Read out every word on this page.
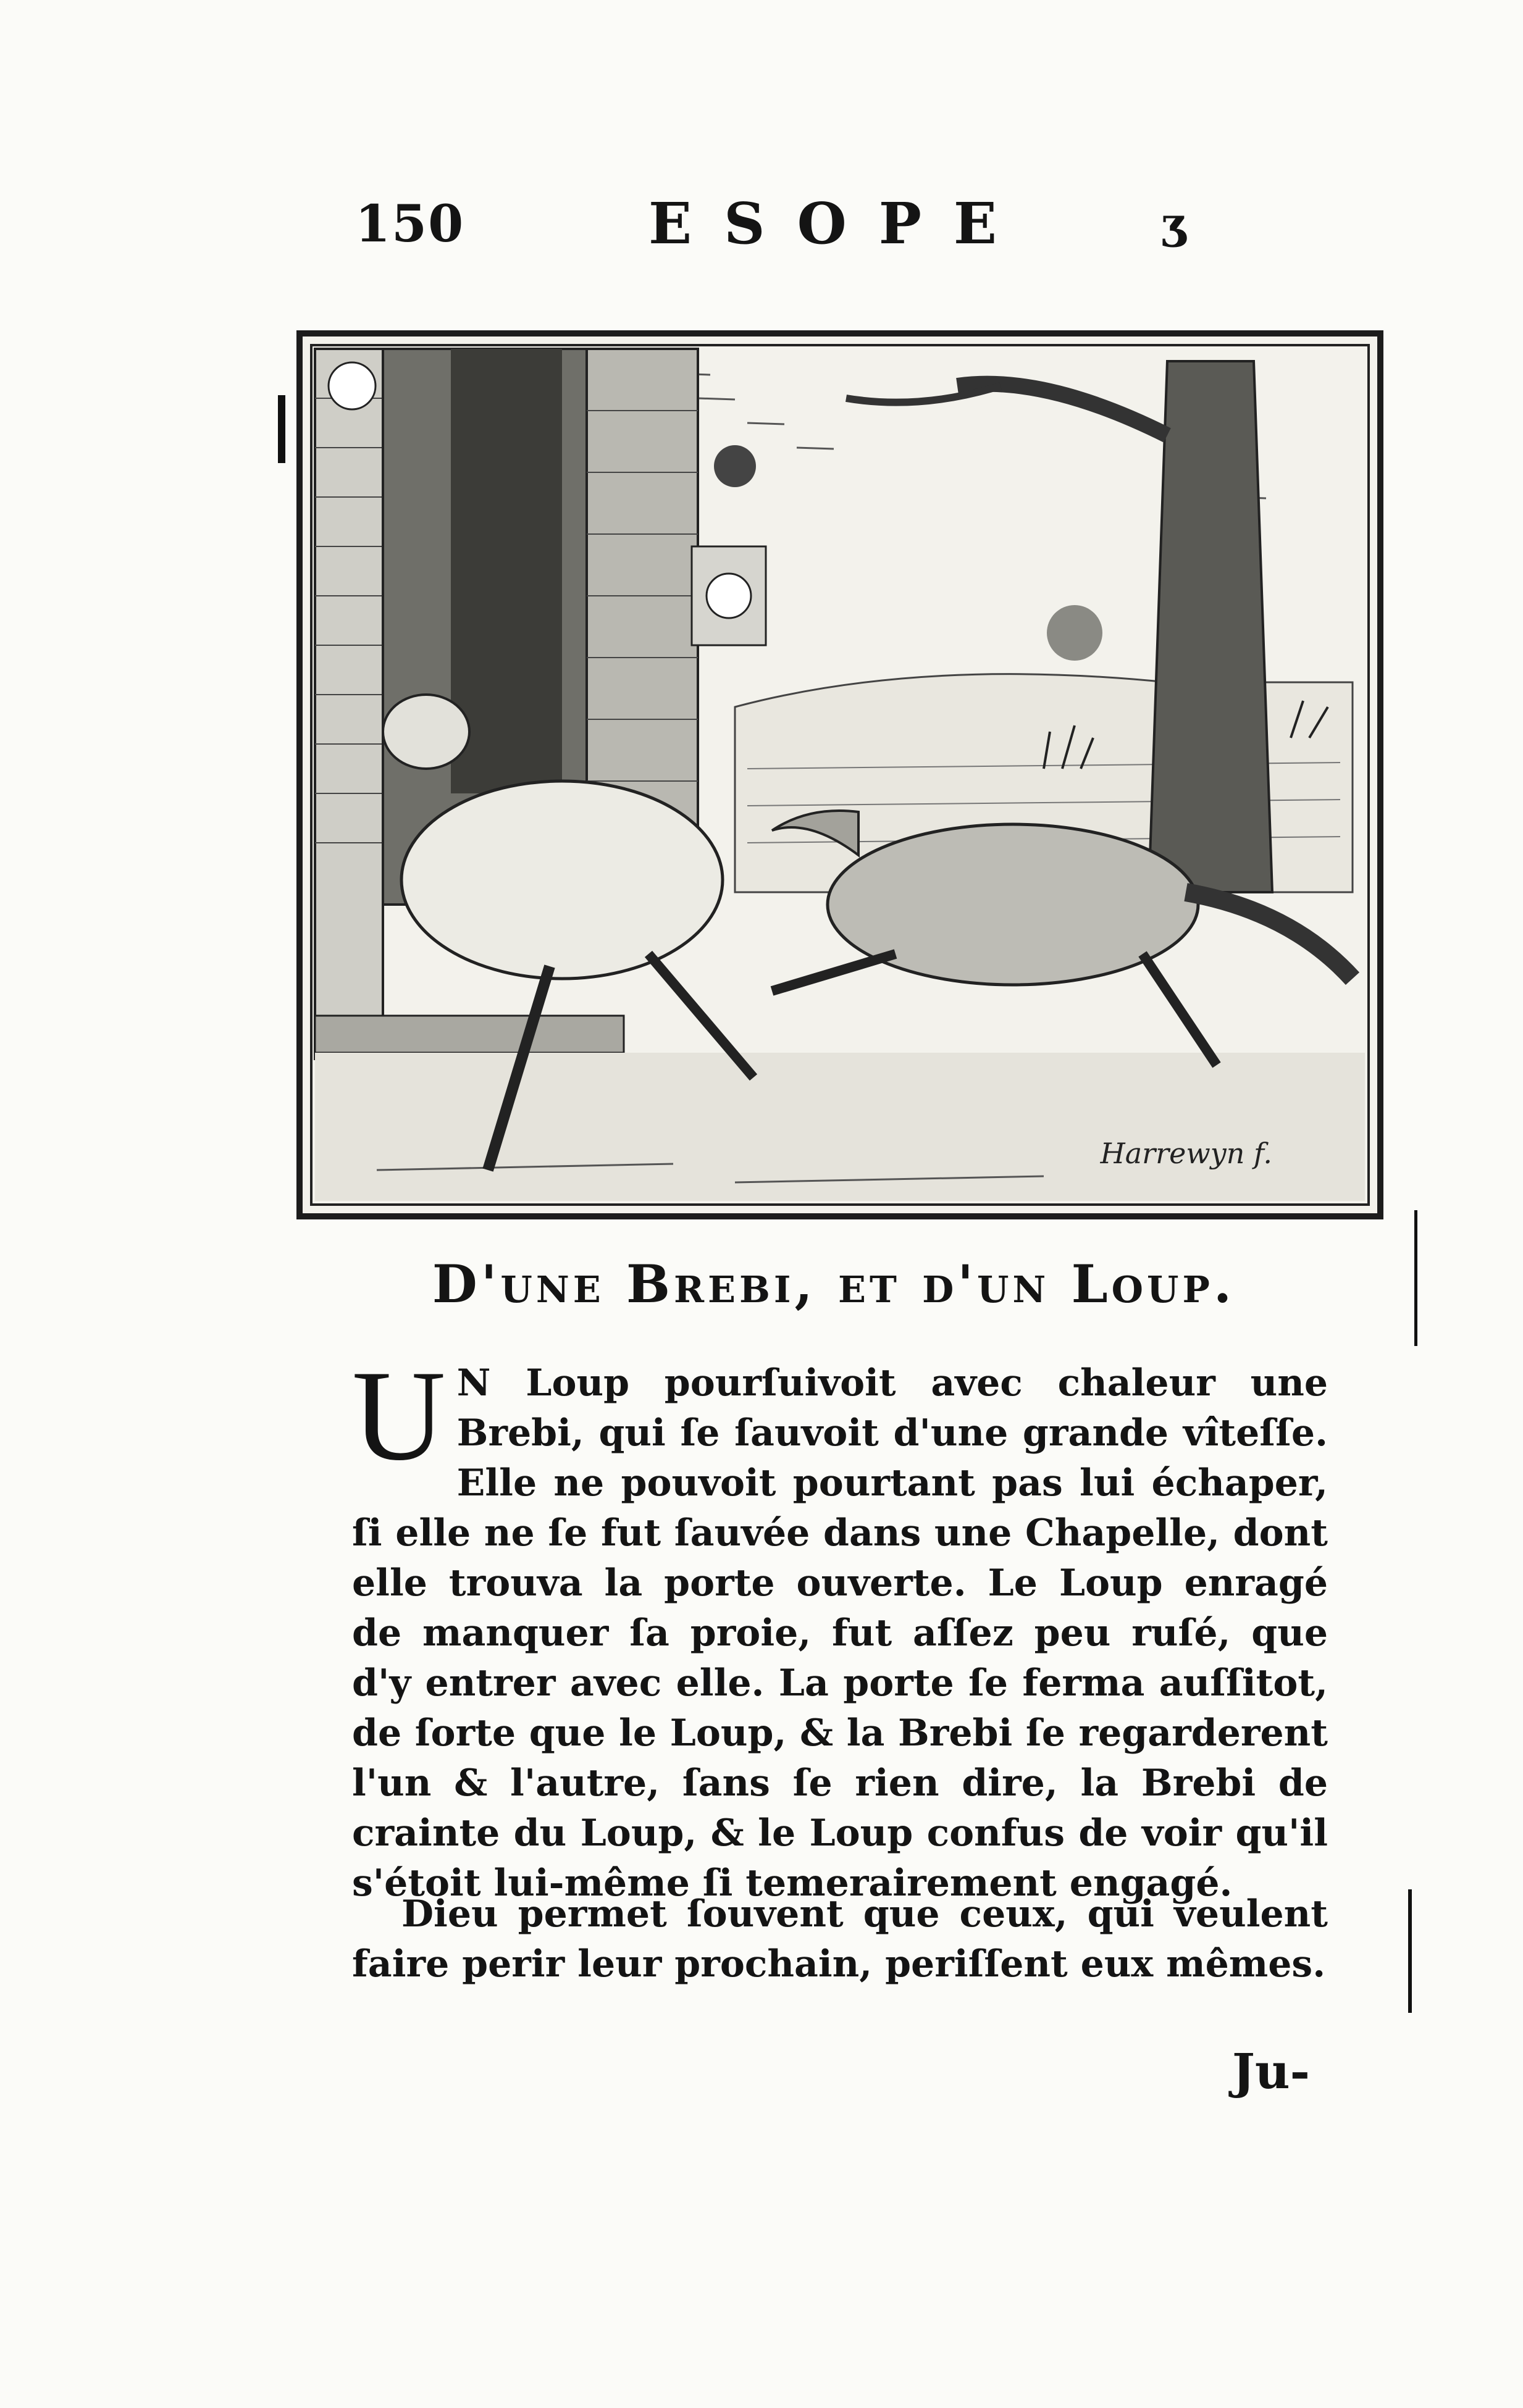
150	ESOPE	ʒ
Harrewyn f.
D'une Brebi, et d'un Loup.
U N Loup pourſuivoit avec chaleur une Brebi, qui ſe ſauvoit d'une grande vîteſſe. Elle ne pouvoit pourtant pas lui échaper, ſi elle ne ſe fut ſauvée dans une Chapelle, dont elle trouva la porte ouverte. Le Loup enragé de manquer ſa proie, fut aſſez peu ruſé, que d'y entrer avec elle. La porte ſe ferma auſſitot, de ſorte que le Loup, & la Brebi ſe regarderent l'un & l'autre, ſans ſe rien dire, la Brebi de crainte du Loup, & le Loup confus de voir qu'il s'étoit lui-même ſi temerairement engagé.

Dieu permet ſouvent que ceux, qui veulent faire perir leur prochain, periſſent eux mêmes.

Ju-
